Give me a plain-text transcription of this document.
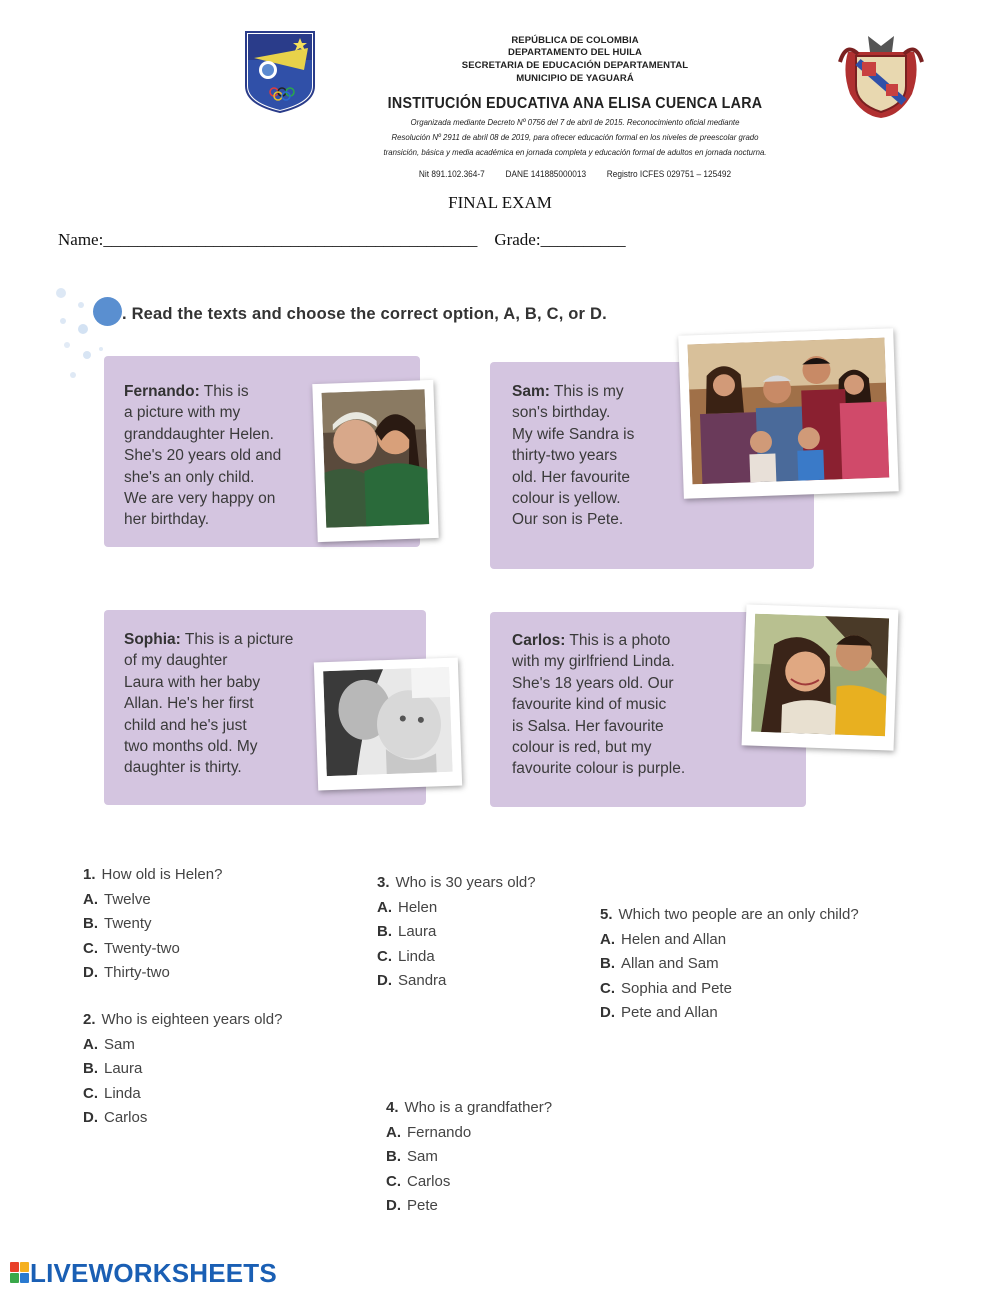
REPÚBLICA DE COLOMBIA
DEPARTAMENTO DEL HUILA
SECRETARIA DE EDUCACIÓN DEPARTAMENTAL
MUNICIPIO DE YAGUARÁ
INSTITUCIÓN EDUCATIVA ANA ELISA CUENCA LARA
Organizada mediante Decreto Nº 0756 del 7 de abril de 2015. Reconocimiento oficial mediante
Resolución Nº 2911 de abril 08 de 2019, para ofrecer educación formal en los niveles de preescolar grado
transición, básica y media académica en jornada completa y educación formal de adultos en jornada nocturna.
Nit 891.102.364-7 DANE 141885000013 Registro ICFES 029751 – 125492
FINAL EXAM
Name:____________________________________________ Grade:__________
. Read the texts and choose the correct option, A, B, C, or D.
Fernando: This is
a picture with my
granddaughter Helen.
She's 20 years old and
she's an only child.
We are very happy on
her birthday.
Sam: This is my
son's birthday.
My wife Sandra is
thirty-two years
old. Her favourite
colour is yellow.
Our son is Pete.
Sophia: This is a picture
of my daughter
Laura with her baby
Allan. He's her first
child and he's just
two months old. My
daughter is thirty.
Carlos: This is a photo
with my girlfriend Linda.
She's 18 years old. Our
favourite kind of music
is Salsa. Her favourite
colour is red, but my
favourite colour is purple.
1. How old is Helen?
A. Twelve
B. Twenty
C. Twenty-two
D. Thirty-two
2. Who is eighteen years old?
A. Sam
B. Laura
C. Linda
D. Carlos
3. Who is 30 years old?
A. Helen
B. Laura
C. Linda
D. Sandra
4. Who is a grandfather?
A. Fernando
B. Sam
C. Carlos
D. Pete
5. Which two people are an only child?
A. Helen and Allan
B. Allan and Sam
C. Sophia and Pete
D. Pete and Allan
LIVEWORKSHEETS
